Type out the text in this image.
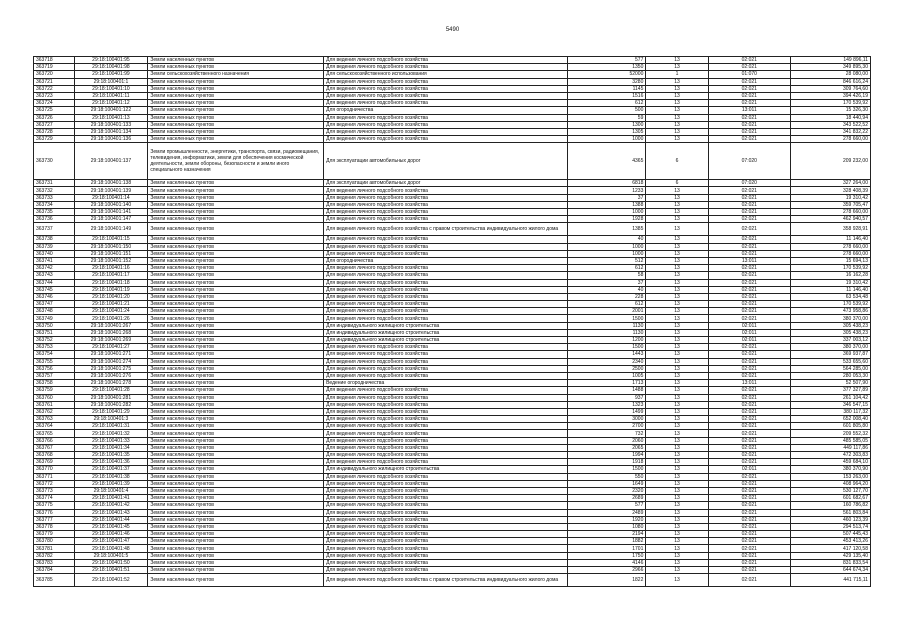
5490
363718	29:18:100401:95	Земли населенных пунктов	Для ведения личного подсобного хозяйства	577	13	02:021	149 896,11
363719	29:18:100401:98	Земли населенных пунктов	Для ведения личного подсобного хозяйства	1350	13	02:021	349 895,30
363720	29:18:100401:99	Земли сельскохозяйственного назначения	Для сельскохозяйственного использования	52000	1	01:070	28 080,00
363721	29:18:100401:1	Земли населенных пунктов	Для ведения личного подсобного хозяйства	3280	13	02:021	846 616,24
363722	29:18:100401:10	Земли населенных пунктов	Для ведения личного подсобного хозяйства	1145	13	02:021	309 764,60
363723	29:18:100401:11	Земли населенных пунктов	Для ведения личного подсобного хозяйства	1516	13	02:021	394 426,19
363724	29:18:100401:12	Земли населенных пунктов	Для ведения личного подсобного хозяйства	612	13	02:021	170 539,92
363725	29:18:100401:122	Земли населенных пунктов	Для огородничества	500	13	13:011	15 326,30
363726	29:18:100401:13	Земли населенных пунктов	Для ведения личного подсобного хозяйства	59	13	02:021	18 440,94
363727	29:18:100401:133	Земли населенных пунктов	Для ведения личного подсобного хозяйства	1300	13	02:021	343 522,52
363728	29:18:100401:134	Земли населенных пунктов	Для ведения личного подсобного хозяйства	1305	13	02:021	341 832,22
363729	29:18:100401:136	Земли населенных пунктов	Для ведения личного подсобного хозяйства	1000	13	02:021	278 660,00
363730	29:18:100401:137	Земли промышленности, энергетики, транспорта, связи, радиовещания, телевидения, информатики, земли для обеспечения космической деятельности, земли обороны, безопасности и земли иного специального назначения	Для эксплуатации автомобильных дорог	4365	6	07:020	209 232,00
363731	29:18:100401:138	Земли населенных пунктов	Для эксплуатации автомобильных дорог	6818	6	07:020	327 264,00
363732	29:18:100401:139	Земли населенных пунктов	Для ведения личного подсобного хозяйства	1233	13	02:021	328 408,39
363733	29:18:100401:14	Земли населенных пунктов	Для ведения личного подсобного хозяйства	37	13	02:021	19 310,42
363734	29:18:100401:140	Земли населенных пунктов	Для ведения личного подсобного хозяйства	1388	13	02:021	359 705,47
363735	29:18:100401:141	Земли населенных пунктов	Для ведения личного подсобного хозяйства	1000	13	02:021	278 660,00
363736	29:18:100401:147	Земли населенных пунктов	Для ведения личного подсобного хозяйства	1928	13	02:021	462 940,57
363737	29:18:100401:149	Земли населенных пунктов	Для ведения личного подсобного хозяйства с правом строительства индивидуального жилого дома	1385	13	02:021	358 928,91
363738	29:18:100401:15	Земли населенных пунктов	Для ведения личного подсобного хозяйства	40	13	02:021	11 146,40
363739	29:18:100401:150	Земли населенных пунктов	Для ведения личного подсобного хозяйства	1000	13	02:021	278 660,00
363740	29:18:100401:151	Земли населенных пунктов	Для ведения личного подсобного хозяйства	1000	13	02:021	278 660,00
363741	29:18:100401:152	Земли населенных пунктов	Для огородничества	512	13	13:011	15 694,13
363742	29:18:100401:16	Земли населенных пунктов	Для ведения личного подсобного хозяйства	612	13	02:021	170 539,92
363743	29:18:100401:17	Земли населенных пунктов	Для ведения личного подсобного хозяйства	58	13	02:021	16 162,28
363744	29:18:100401:18	Земли населенных пунктов	Для ведения личного подсобного хозяйства	37	13	02:021	19 310,42
363745	29:18:100401:19	Земли населенных пунктов	Для ведения личного подсобного хозяйства	40	13	02:021	11 146,40
363746	29:18:100401:20	Земли населенных пунктов	Для ведения личного подсобного хозяйства	228	13	02:021	63 534,48
363747	29:18:100401:21	Земли населенных пунктов	Для ведения личного подсобного хозяйства	612	13	02:021	170 539,92
363748	29:18:100401:24	Земли населенных пунктов	Для ведения личного подсобного хозяйства	2001	13	02:021	473 958,86
363749	29:18:100401:26	Земли населенных пунктов	Для ведения личного подсобного хозяйства	1500	13	02:021	380 370,00
363750	29:18:100401:267	Земли населенных пунктов	Для индивидуального жилищного строительства	1130	13	02:011	305 438,23
363751	29:18:100401:268	Земли населенных пунктов	Для индивидуального жилищного строительства	1130	13	02:011	305 438,23
363752	29:18:100401:269	Земли населенных пунктов	Для индивидуального жилищного строительства	1200	13	02:011	337 003,12
363753	29:18:100401:27	Земли населенных пунктов	Для ведения личного подсобного хозяйства	1500	13	02:021	380 370,00
363754	29:18:100401:271	Земли населенных пунктов	Для ведения личного подсобного хозяйства	1443	13	02:021	369 937,87
363755	29:18:100401:274	Земли населенных пунктов	Для ведения личного подсобного хозяйства	2340	13	02:021	533 655,60
363756	29:18:100401:275	Земли населенных пунктов	Для ведения личного подсобного хозяйства	2500	13	02:021	564 285,00
363757	29:18:100401:276	Земли населенных пунктов	Для ведения личного подсобного хозяйства	1005	13	02:021	280 053,30
363758	29:18:100401:278	Земли населенных пунктов	Ведение огородничества	1713	13	13:011	52 507,90
363759	29:18:100401:28	Земли населенных пунктов	Для ведения личного подсобного хозяйства	1488	13	02:021	377 327,89
363760	29:18:100401:281	Земли населенных пунктов	Для ведения личного подсобного хозяйства	937	13	02:021	261 104,42
363761	29:18:100401:282	Земли населенных пунктов	Для ведения личного подсобного хозяйства	1323	13	02:021	346 547,15
363762	29:18:100401:29	Земли населенных пунктов	Для ведения личного подсобного хозяйства	1499	13	02:021	380 117,32
363763	29:18:100401:3	Земли населенных пунктов	Для ведения личного подсобного хозяйства	3000	13	02:021	652 008,40
363764	29:18:100401:31	Земли населенных пунктов	Для ведения личного подсобного хозяйства	2700	13	02:021	601 805,80
363765	29:18:100401:32	Земли населенных пунктов	Для ведения личного подсобного хозяйства	732	13	02:021	209 552,32
363766	29:18:100401:33	Земли населенных пунктов	Для ведения личного подсобного хозяйства	2060	13	02:021	485 585,05
363767	29:18:100401:34	Земли населенных пунктов	Для ведения личного подсобного хозяйства	2065	13	02:021	449 117,86
363768	29:18:100401:35	Земли населенных пунктов	Для ведения личного подсобного хозяйства	1994	13	02:021	472 303,83
363769	29:18:100401:36	Земли населенных пунктов	Для ведения личного подсобного хозяйства	1918	13	02:021	459 684,10
363770	29:18:100401:37	Земли населенных пунктов	Для индивидуального жилищного строительства	1500	13	02:011	380 370,90
363771	29:18:100401:38	Земли населенных пунктов	Для ведения личного подсобного хозяйства	550	13	02:021	153 263,00
363772	29:18:100401:39	Земли населенных пунктов	Для ведения личного подсобного хозяйства	1649	13	02:021	408 964,20
363773	29:18:100401:4	Земли населенных пунктов	Для ведения личного подсобного хозяйства	2320	13	02:021	530 127,70
363774	29:18:100401:41	Земли населенных пунктов	Для ведения личного подсобного хозяйства	2689	13	02:021	601 682,67
363775	29:18:100401:42	Земли населенных пунктов	Для ведения личного подсобного хозяйства	577	13	02:021	160 786,82
363776	29:18:100401:43	Земли населенных пунктов	Для ведения личного подсобного хозяйства	2489	13	02:021	561 803,84
363777	29:18:100401:44	Земли населенных пунктов	Для ведения личного подсобного хозяйства	1920	13	02:021	460 123,39
363778	29:18:100401:45	Земли населенных пунктов	Для ведения личного подсобного хозяйства	1080	13	02:021	294 513,74
363779	29:18:100401:46	Земли населенных пунктов	Для ведения личного подсобного хозяйства	2194	13	02:021	507 445,43
363780	29:18:100401:47	Земли населенных пунктов	Для ведения личного подсобного хозяйства	1882	13	02:021	453 413,26
363781	29:18:100401:48	Земли населенных пунктов	Для ведения личного подсобного хозяйства	1701	13	02:021	417 120,58
363782	29:18:100401:5	Земли населенных пунктов	Для ведения личного подсобного хозяйства	1750	13	02:021	429 135,40
363783	29:18:100401:50	Земли населенных пунктов	Для ведения личного подсобного хозяйства	4146	13	02:021	831 833,54
363784	29:18:100401:51	Земли населенных пунктов	Для ведения личного подсобного хозяйства	2966	13	02:021	644 674,34
363785	29:18:100401:52	Земли населенных пунктов	Для ведения личного подсобного хозяйства с правом строительства индивидуального жилого дома	1822	13	02:021	441 715,11
